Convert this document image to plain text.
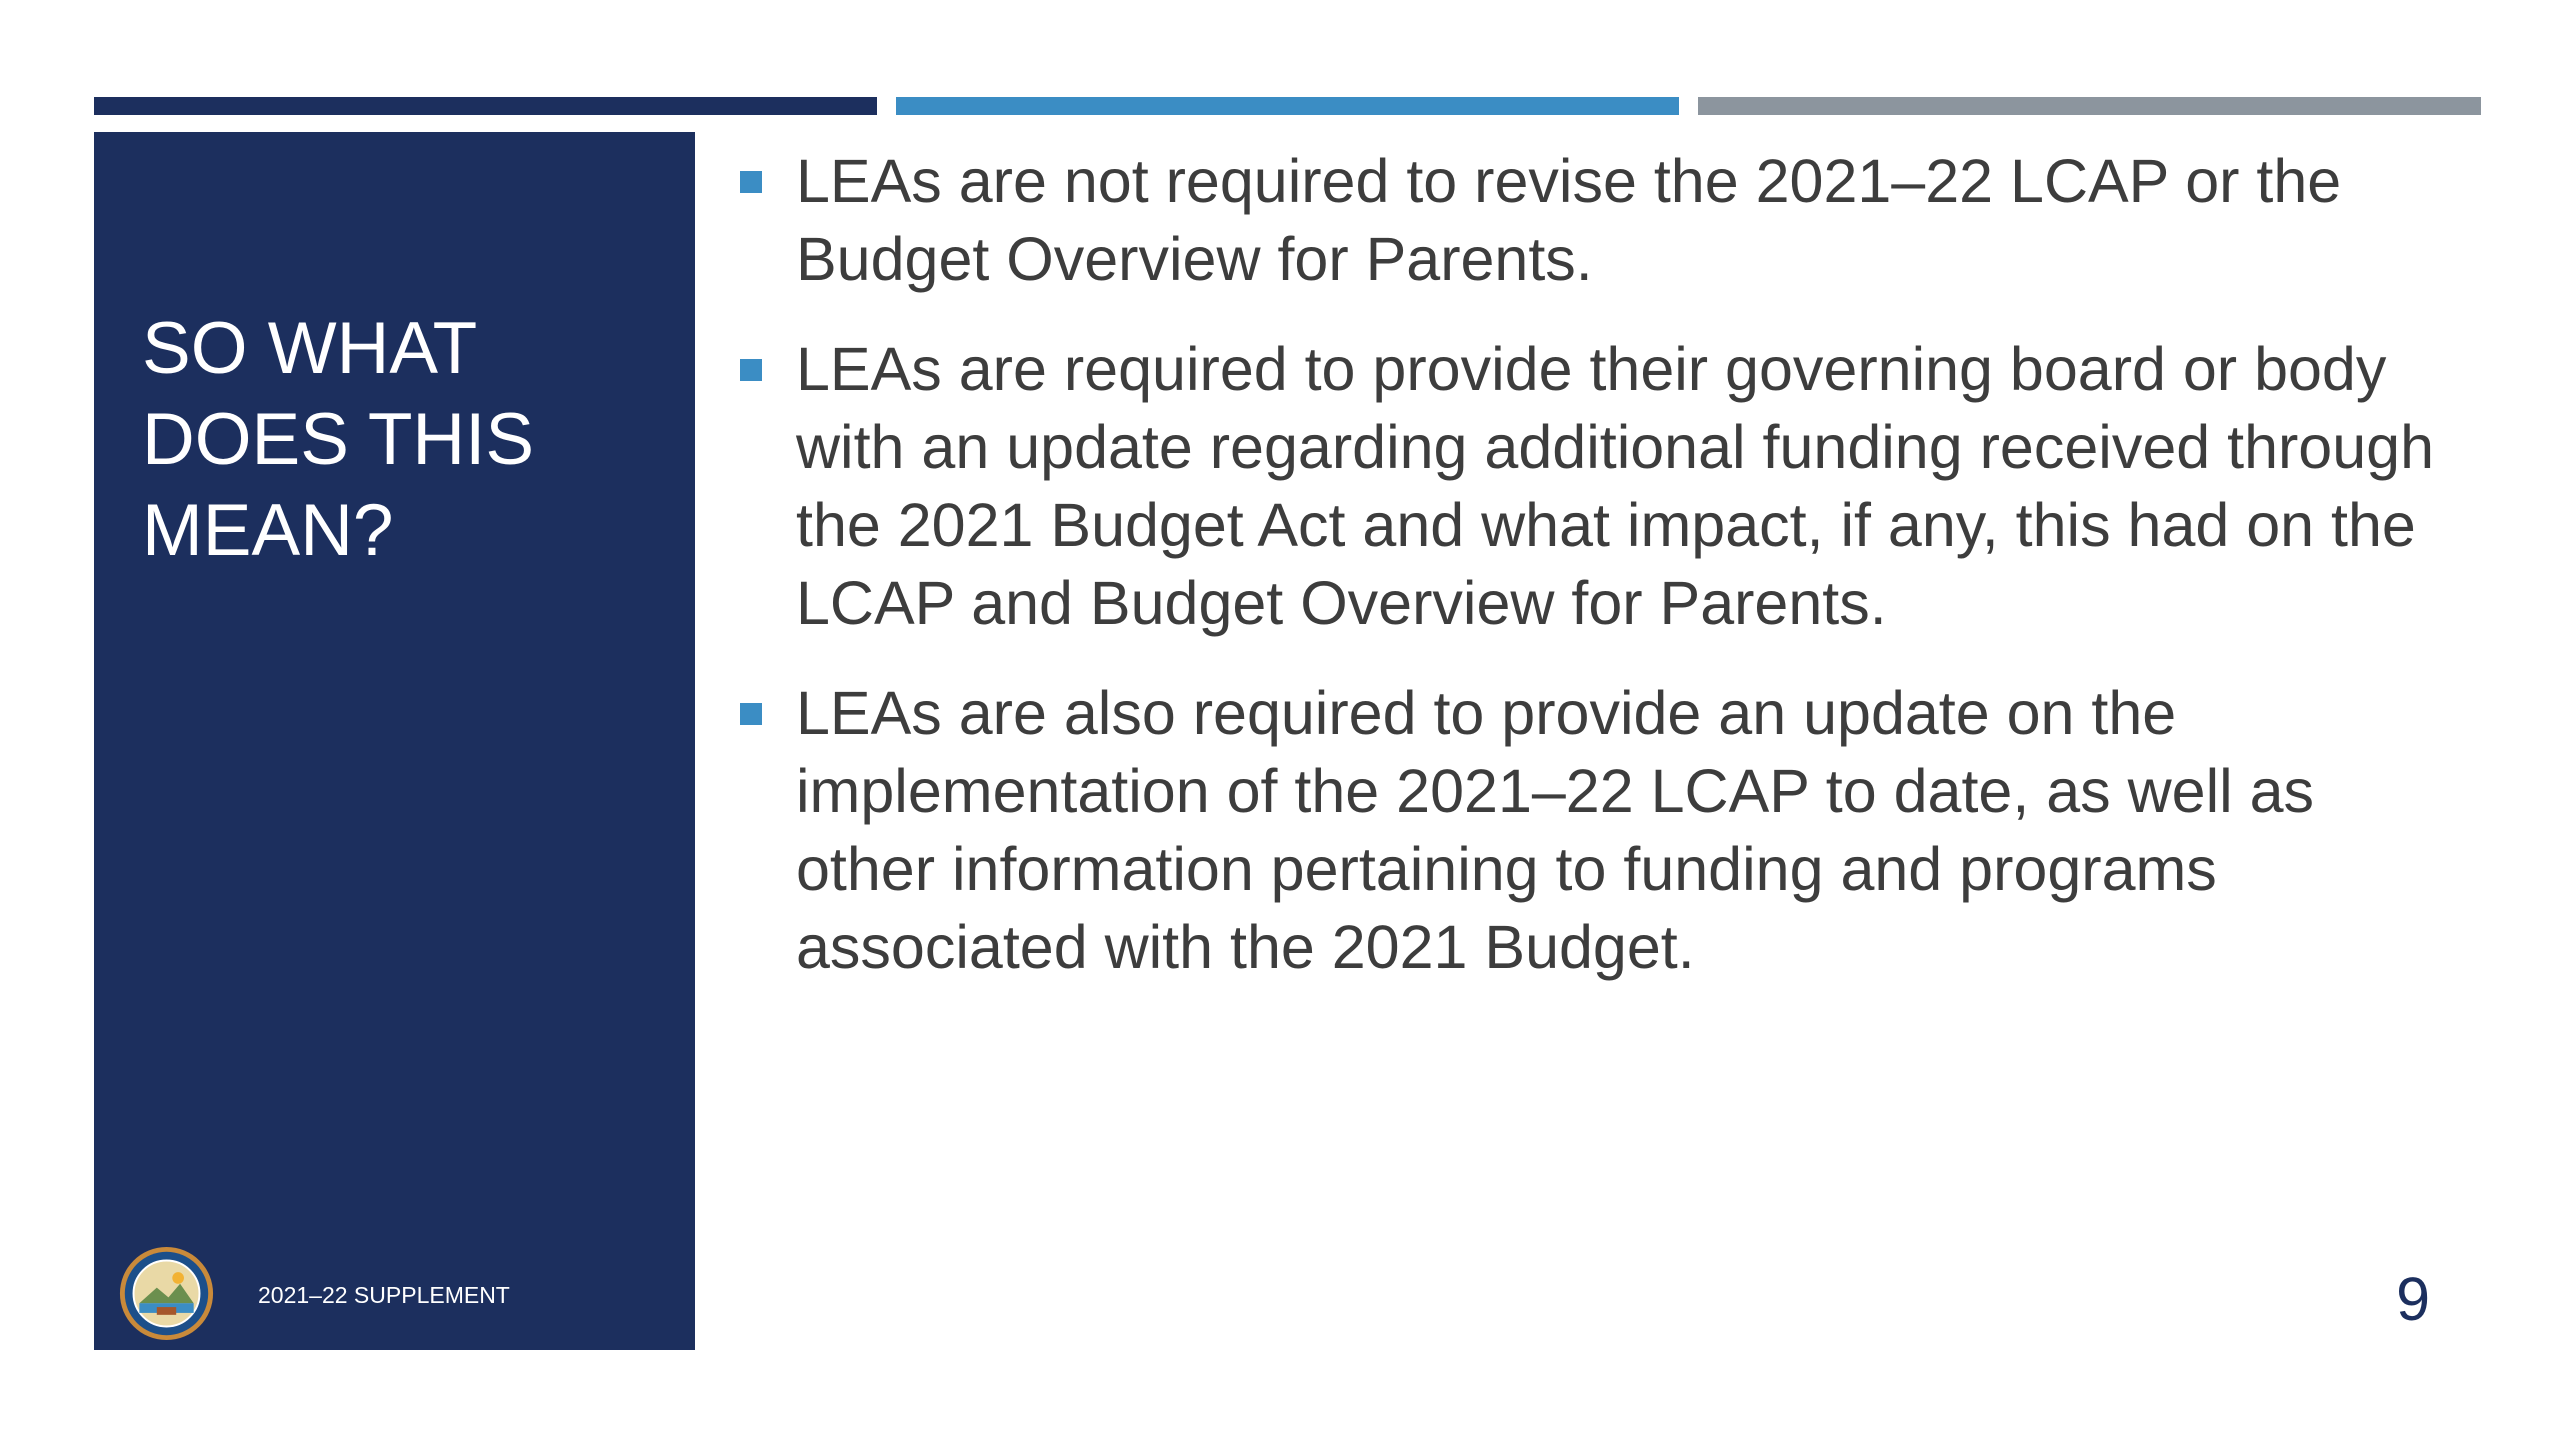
SO WHAT DOES THIS MEAN?
2021–22 SUPPLEMENT
LEAs are not required to revise the 2021–22 LCAP or the Budget Overview for Parents.
LEAs are required to provide their governing board or body with an update regarding additional funding received through the 2021 Budget Act and what impact, if any, this had on the LCAP and Budget Overview for Parents.
LEAs are also required to provide an update on the implementation of the 2021–22 LCAP to date, as well as other information pertaining to funding and programs associated with the 2021 Budget.
9
